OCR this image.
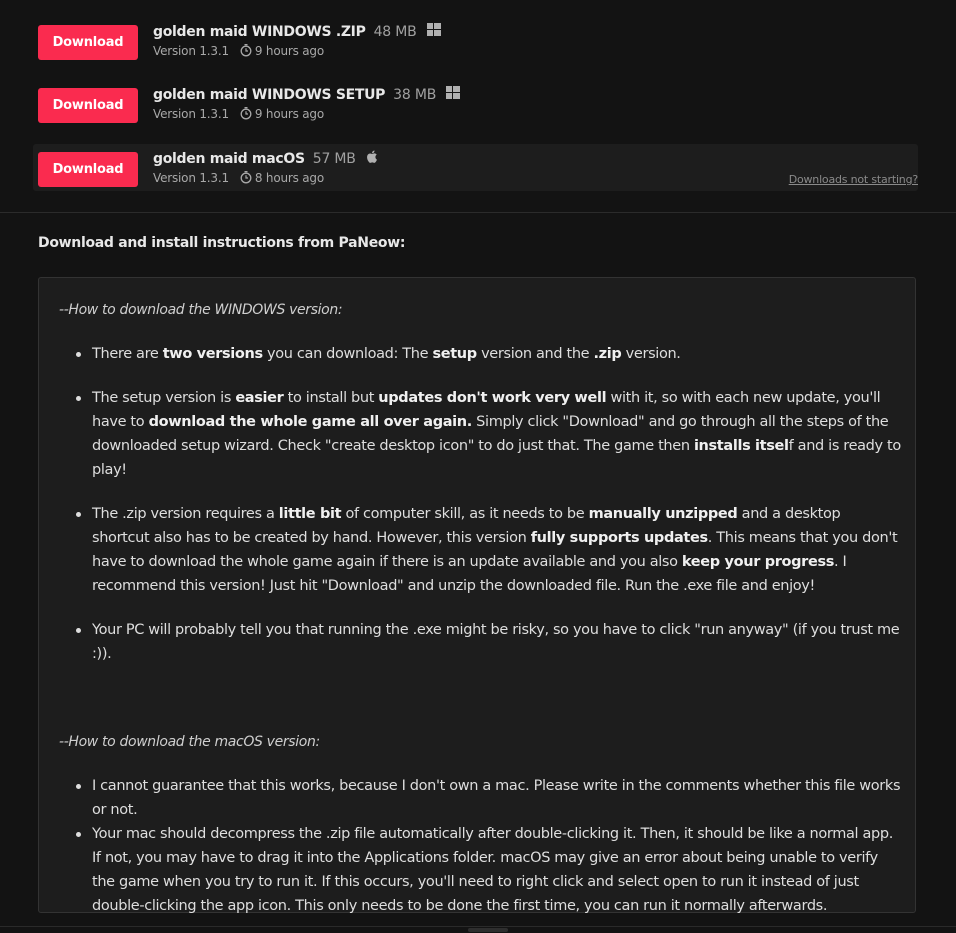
Download
golden maid WINDOWS .ZIP 48 MB
Version 1.3.1 9 hours ago
Download
golden maid WINDOWS SETUP 38 MB
Version 1.3.1 9 hours ago
Download
golden maid macOS 57 MB
Version 1.3.1 8 hours ago	Downloads not starting?
Download and install instructions from PaNeow:

--How to download the WINDOWS version:

There are two versions you can download: The setup version and the .zip version.
The setup version is easier to install but updates don't work very well with it, so with each new update, you'll have to download the whole game all over again. Simply click "Download" and go through all the steps of the downloaded setup wizard. Check "create desktop icon" to do just that. The game then installs itself and is ready to play!
The .zip version requires a little bit of computer skill, as it needs to be manually unzipped and a desktop shortcut also has to be created by hand. However, this version fully supports updates. This means that you don't have to download the whole game again if there is an update available and you also keep your progress. I recommend this version! Just hit "Download" and unzip the downloaded file. Run the .exe file and enjoy!
Your PC will probably tell you that running the .exe might be risky, so you have to click "run anyway" (if you trust me :)).

--How to download the macOS version:

I cannot guarantee that this works, because I don't own a mac. Please write in the comments whether this file works or not.
Your mac should decompress the .zip file automatically after double-clicking it. Then, it should be like a normal app. If not, you may have to drag it into the Applications folder. macOS may give an error about being unable to verify the game when you try to run it. If this occurs, you'll need to right click and select open to run it instead of just double-clicking the app icon. This only needs to be done the first time, you can run it normally afterwards.
